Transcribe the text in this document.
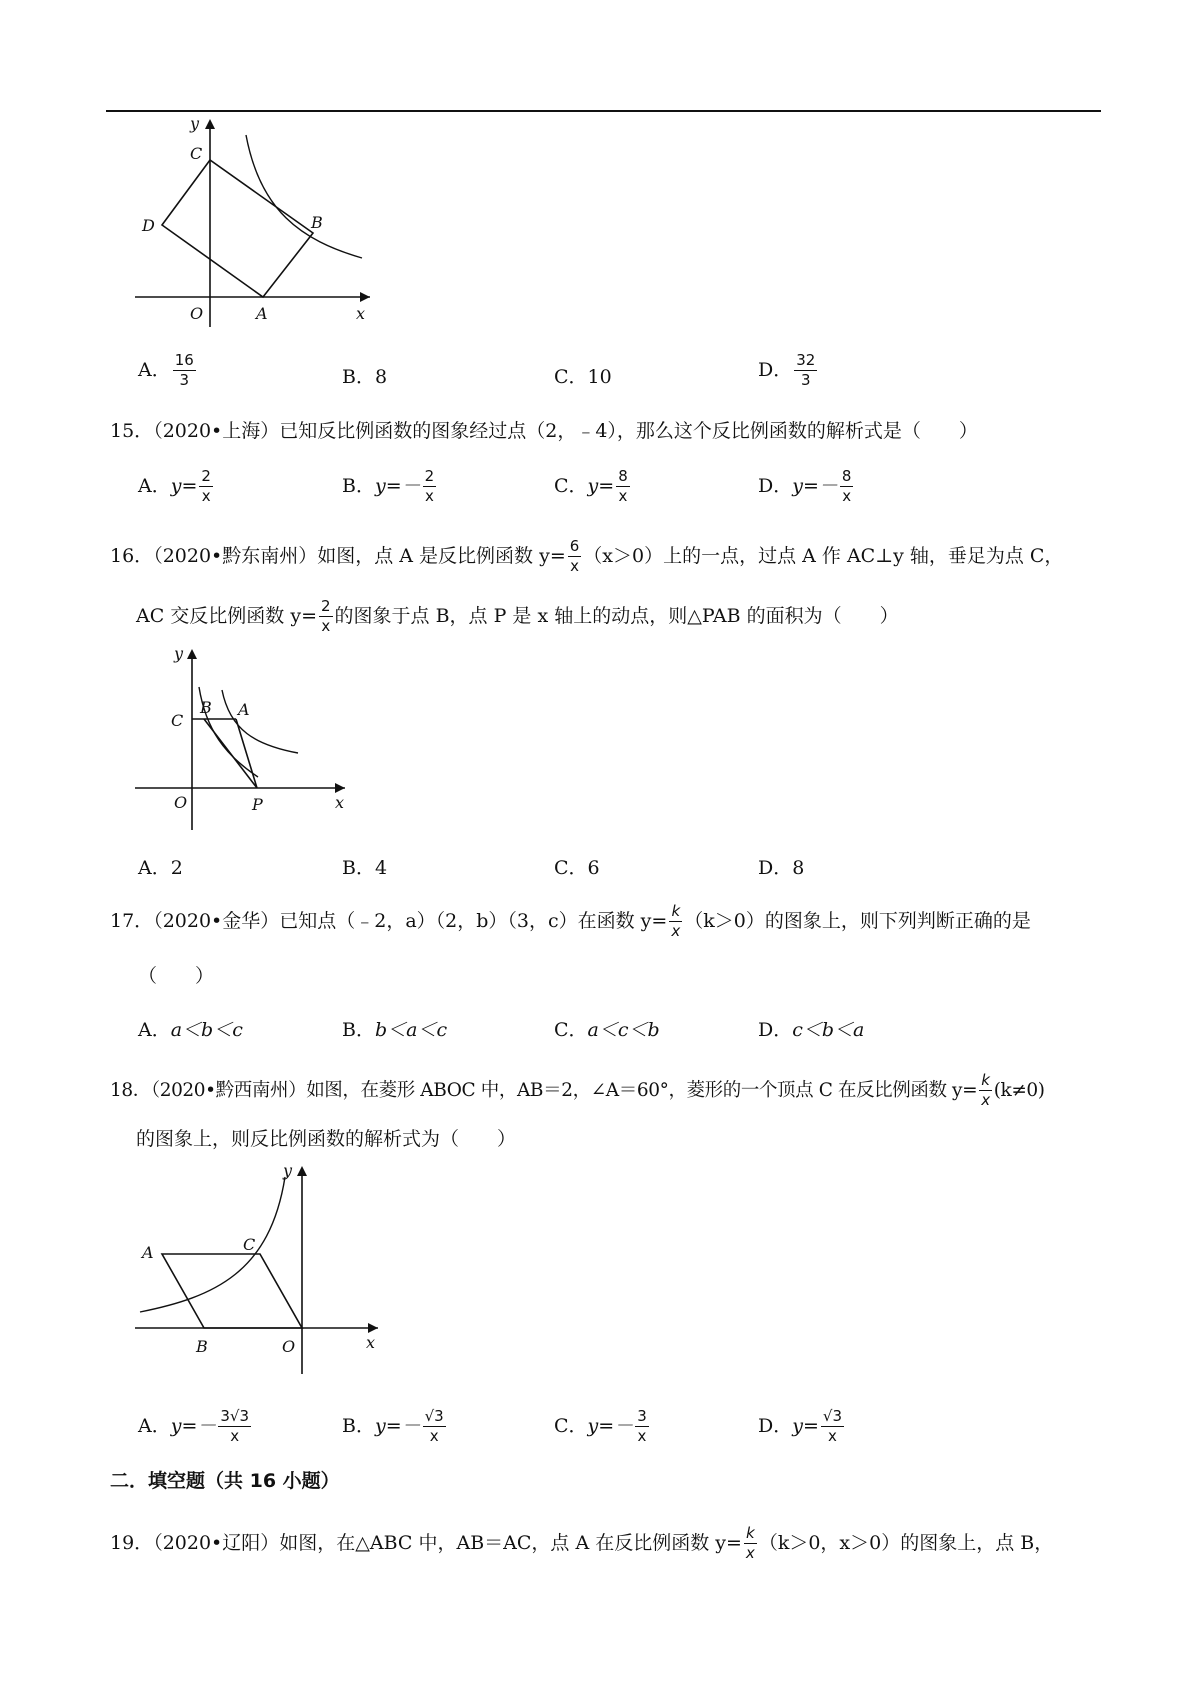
y
C
D	B
O	A	x
A． $\frac{16}{3}$	B．8	C．10	D． $\frac{32}{3}$
15．（2020•上海）已知反比例函数的图象经过点（2，﹣4），那么这个反比例函数的解析式是（　　）
A．$y= \frac{2}{x}$	B．$y=- \frac{2}{x}$	C．$y= \frac{8}{x}$	D．$y=- \frac{8}{x}$
16．（2020•黔东南州）如图，点 A 是反比例函数 $y= \frac{6}{x} (x>0)$上的一点，过点 A 作 AC⊥y 轴，垂足为点 C，
AC 交反比例函数 $y= \frac{2}{x}$ 的图象于点 B，点 P 是 x 轴上的动点，则△PAB 的面积为（　　）
y
C
B A
O	P	x
A．2	B．4	C．6	D．8
17．（2020•金华）已知点（﹣2，a）（2，b）（3，c）在函数 $y= \frac{k}{x} (k>0)$的图象上，则下列判断正确的是
（　　）
A．a＜b＜c	B．b＜a＜c	C．a＜c＜b	D．c＜b＜a
18．（2020•黔西南州）如图，在菱形 ABOC 中，AB＝2，∠A＝60°，菱形的一个顶点 C 在反比例函数 $y= \frac{k}{x} (k\ne 0)$
的图象上，则反比例函数的解析式为（　　）
y
A	C
B	O	x
A．$y=- \frac{3√3}{x}$	B．$y=- \frac{√3}{x}$	C．$y=- \frac{3}{x}$	D．$y= \frac{√3}{x}$
二．填空题（共 16 小题）
19．（2020•辽阳）如图，在△ABC 中，AB＝AC，点 A 在反比例函数 $y= \frac{k}{x} (k>0$，x＞0）的图象上，点 B，
